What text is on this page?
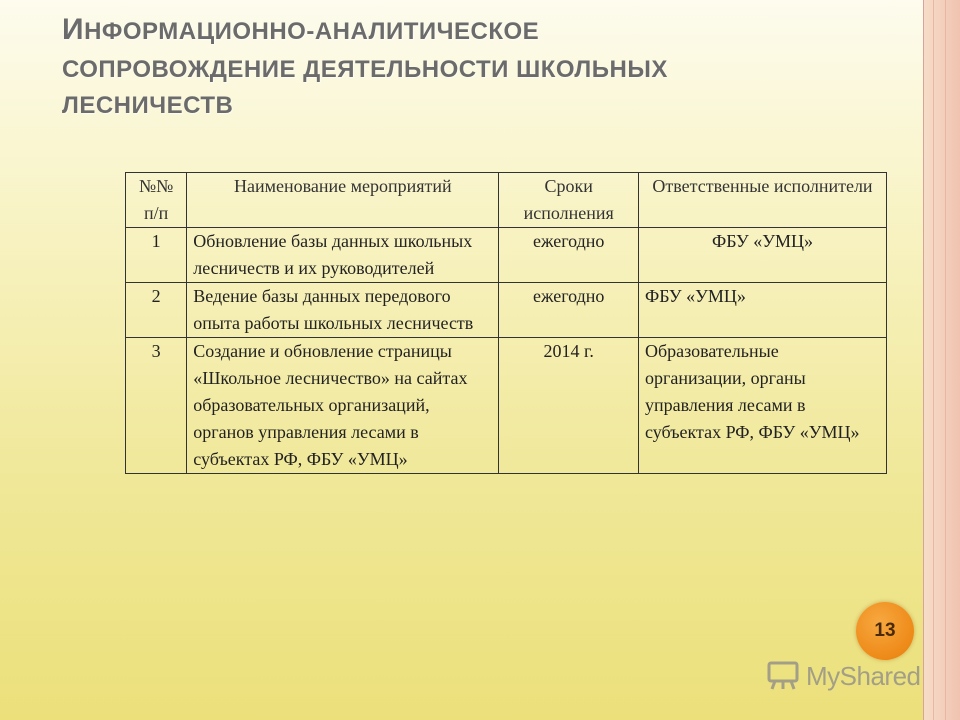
ИНФОРМАЦИОННО-АНАЛИТИЧЕСКОЕ
СОПРОВОЖДЕНИЕ ДЕЯТЕЛЬНОСТИ ШКОЛЬНЫХ
ЛЕСНИЧЕСТВ
№№ п/п	Наименование мероприятий	Сроки исполнения	Ответственные исполнители
1	Обновление базы данных школьных лесничеств и их руководителей	ежегодно	ФБУ «УМЦ»
2	Ведение базы данных передового опыта работы школьных лесничеств	ежегодно	ФБУ «УМЦ»
3	Создание и обновление страницы «Школьное лесничество» на сайтах образовательных организаций, органов управления лесами в субъектах РФ, ФБУ «УМЦ»	2014 г.	Образовательные организации, органы управления лесами в субъектах РФ, ФБУ «УМЦ»
13
MyShared
